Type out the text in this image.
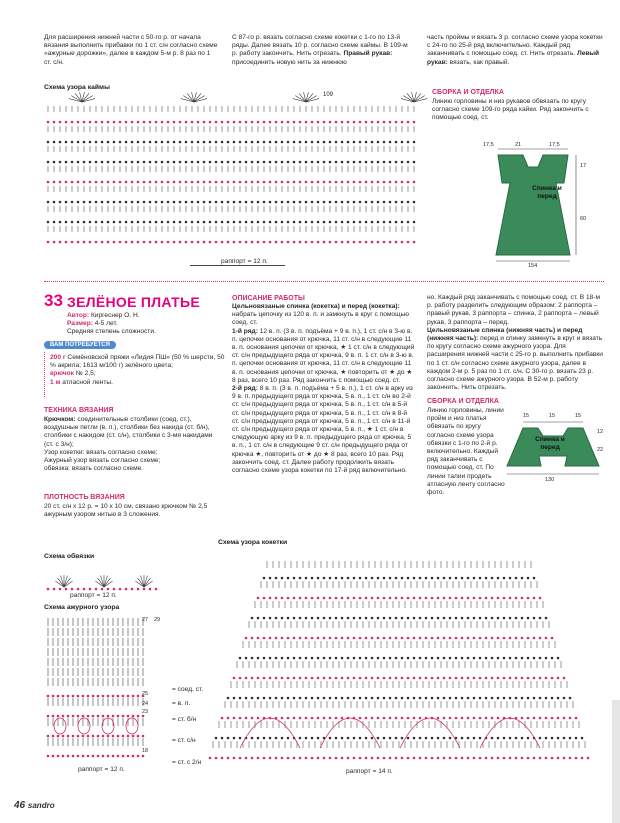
Для расширения нижней части с 50-го р. от начала вязания выполнить прибавки по 1 ст. с/н согласно схеме «ажурные дорожки», далее в каждом 5-м р. 8 раз по 1 ст. с/н.
Схема узора каймы
С 87-го р. вязать согласно схеме кокетки с 1-го по 13-й ряды. Далее вязать 10 р. согласно схеме каймы. В 109-м р. работу закончить. Нить отрезать. Правый рукав: присоединить новую нить за нижнюю
часть проймы и вязать 3 р. согласно схеме узора кокетки с 24-го по 25-й ряд включительно. Каждый ряд заканчивать с помощью соед. ст. Нить отрезать. Левый рукав: вязать, как правый.
СБОРКА И ОТДЕЛКА
Линию горловины и низ рукавов обвязать по кругу согласно схеме 109-го ряда кайки. Ряд закончить с помощью соед. ст.
109
раппорт = 12 п.
Спинка и перед
17,5	21	17,5
17
60
154
33 ЗЕЛЁНОЕ ПЛАТЬЕ
Автор: Киргеснер О. Н.
Размер: 4-5 лет.
Средняя степень сложности.
ВАМ ПОТРЕБУЕТСЯ
200 г Семёновской пряжи «Лидия ПШ» (50 % шерсти, 50 % акрила; 1613 м/100 г) зелёного цвета;
крючок № 2,5;
1 м атласной ленты.
ТЕХНИКА ВЯЗАНИЯ
Крючком: соединительные столбики (соед. ст.), воздушные петли (в. п.), столбики без накида (ст. б/н), столбики с накидом (ст. с/н), столбики с 3-мя накидами (ст. с 3/н);
Узор кокетки: вязать согласно схеме;
Ажурный узор вязать согласно схеме;
обвязка: вязать согласно схеме.
ПЛОТНОСТЬ ВЯЗАНИЯ
20 ст. с/н x 12 р. = 10 x 10 см, связано крючком № 2,5 ажурным узором нитью в 3 сложения.
ОПИСАНИЕ РАБОТЫ
Цельновязаные спинка (кокетка) и перед (кокетка): набрать цепочку из 120 в. п. и замкнуть в круг с помощью соед. ст.
1-й ряд: 12 в. п. (3 в. п. подъёма + 9 в. п.), 1 ст. с/н в 3-ю в. п. цепочки основания от крючка, 11 ст. с/н в следующие 11 в. п. основания цепочки от крючка, ★ 1 ст. с/н в следующий ст. с/н предыдущего ряда от крючка, 9 в. п. 1 ст. с/н в 3-ю в. п. цепочки основания от крючка, 11 ст. с/н в следующие 11 в. п. основания цепочки от крючка, ★ повторить от ★ до ★ 8 раз, всего 10 раз. Ряд закончить с помощью соед. ст.
2-й ряд: 8 в. п. (3 в. п. подъёма + 5 в. п.), 1 ст. с/н в арку из 9 в. п. предыдущего ряда от крючка, 5 в. п., 1 ст. с/н во 2-й ст. с/н предыдущего ряда от крючка, 5 в. п., 1 ст. с/н в 5-й ст. с/н предыдущего ряда от крючка, 5 в. п., 1 ст. с/н в 8-й ст. с/н предыдущего ряда от крючка, 5 в. п., 1 ст. с/н в 11-й ст. с/н предыдущего ряда от крючка, 5 в. п., ★ 1 ст. с/н в следующую арку из 9 в. п. предыдущего ряда от крючка, 5 в. п., 1 ст. с/н в следующие 9 ст. с/н предыдущего ряда от крючка ★, повторить от ★ до ★ 8 раз, всего 10 раз. Ряд закончить соед. ст. Далее работу продолжить вязать согласно схеме узора кокетки по 17-й ряд включительно.
но. Каждый ряд заканчивать с помощью соед. ст. В 18-м р. работу разделить следующим образом: 2 раппорта – правый рукав, 3 раппорта – спинка, 2 раппорта – левый рукав, 3 раппорта – перед.
Цельновязаные спинка (нижняя часть) и перед (нижняя часть): перед и спинку замкнуть в круг и вязать по кругу согласно схеме ажурного узора. Для расширения нижней части с 25-го р. выполнить прибавки по 1 ст. с/н согласно схеме ажурного узора, далее в каждом 2-м р. 5 раз по 1 ст. с/н. С 30-го р. вязать 23 р. согласно схеме ажурного узора. В 52-м р. работу закончить. Нить отрезать.
СБОРКА И ОТДЕЛКА
Линию горловины, линии пройм и низ платья обвязать по кругу согласно схеме узора обвязки с 1-го по 2-й р. включительно. Каждый ряд заканчивать с помощью соед. ст. По линии талии продеть атласную ленту согласно фото.
Спинка и перед
15	15	15
12
22
130
Схема обвязки
раппорт = 12 п.
Схема ажурного узора
27 29
25
24
23
18
раппорт = 12 п.
= соед. ст.
= в. п.
= ст. б/н
= ст. с/н
= ст. с 2/н
Схема узора кокетки
раппорт = 14 п.
46 sandro
